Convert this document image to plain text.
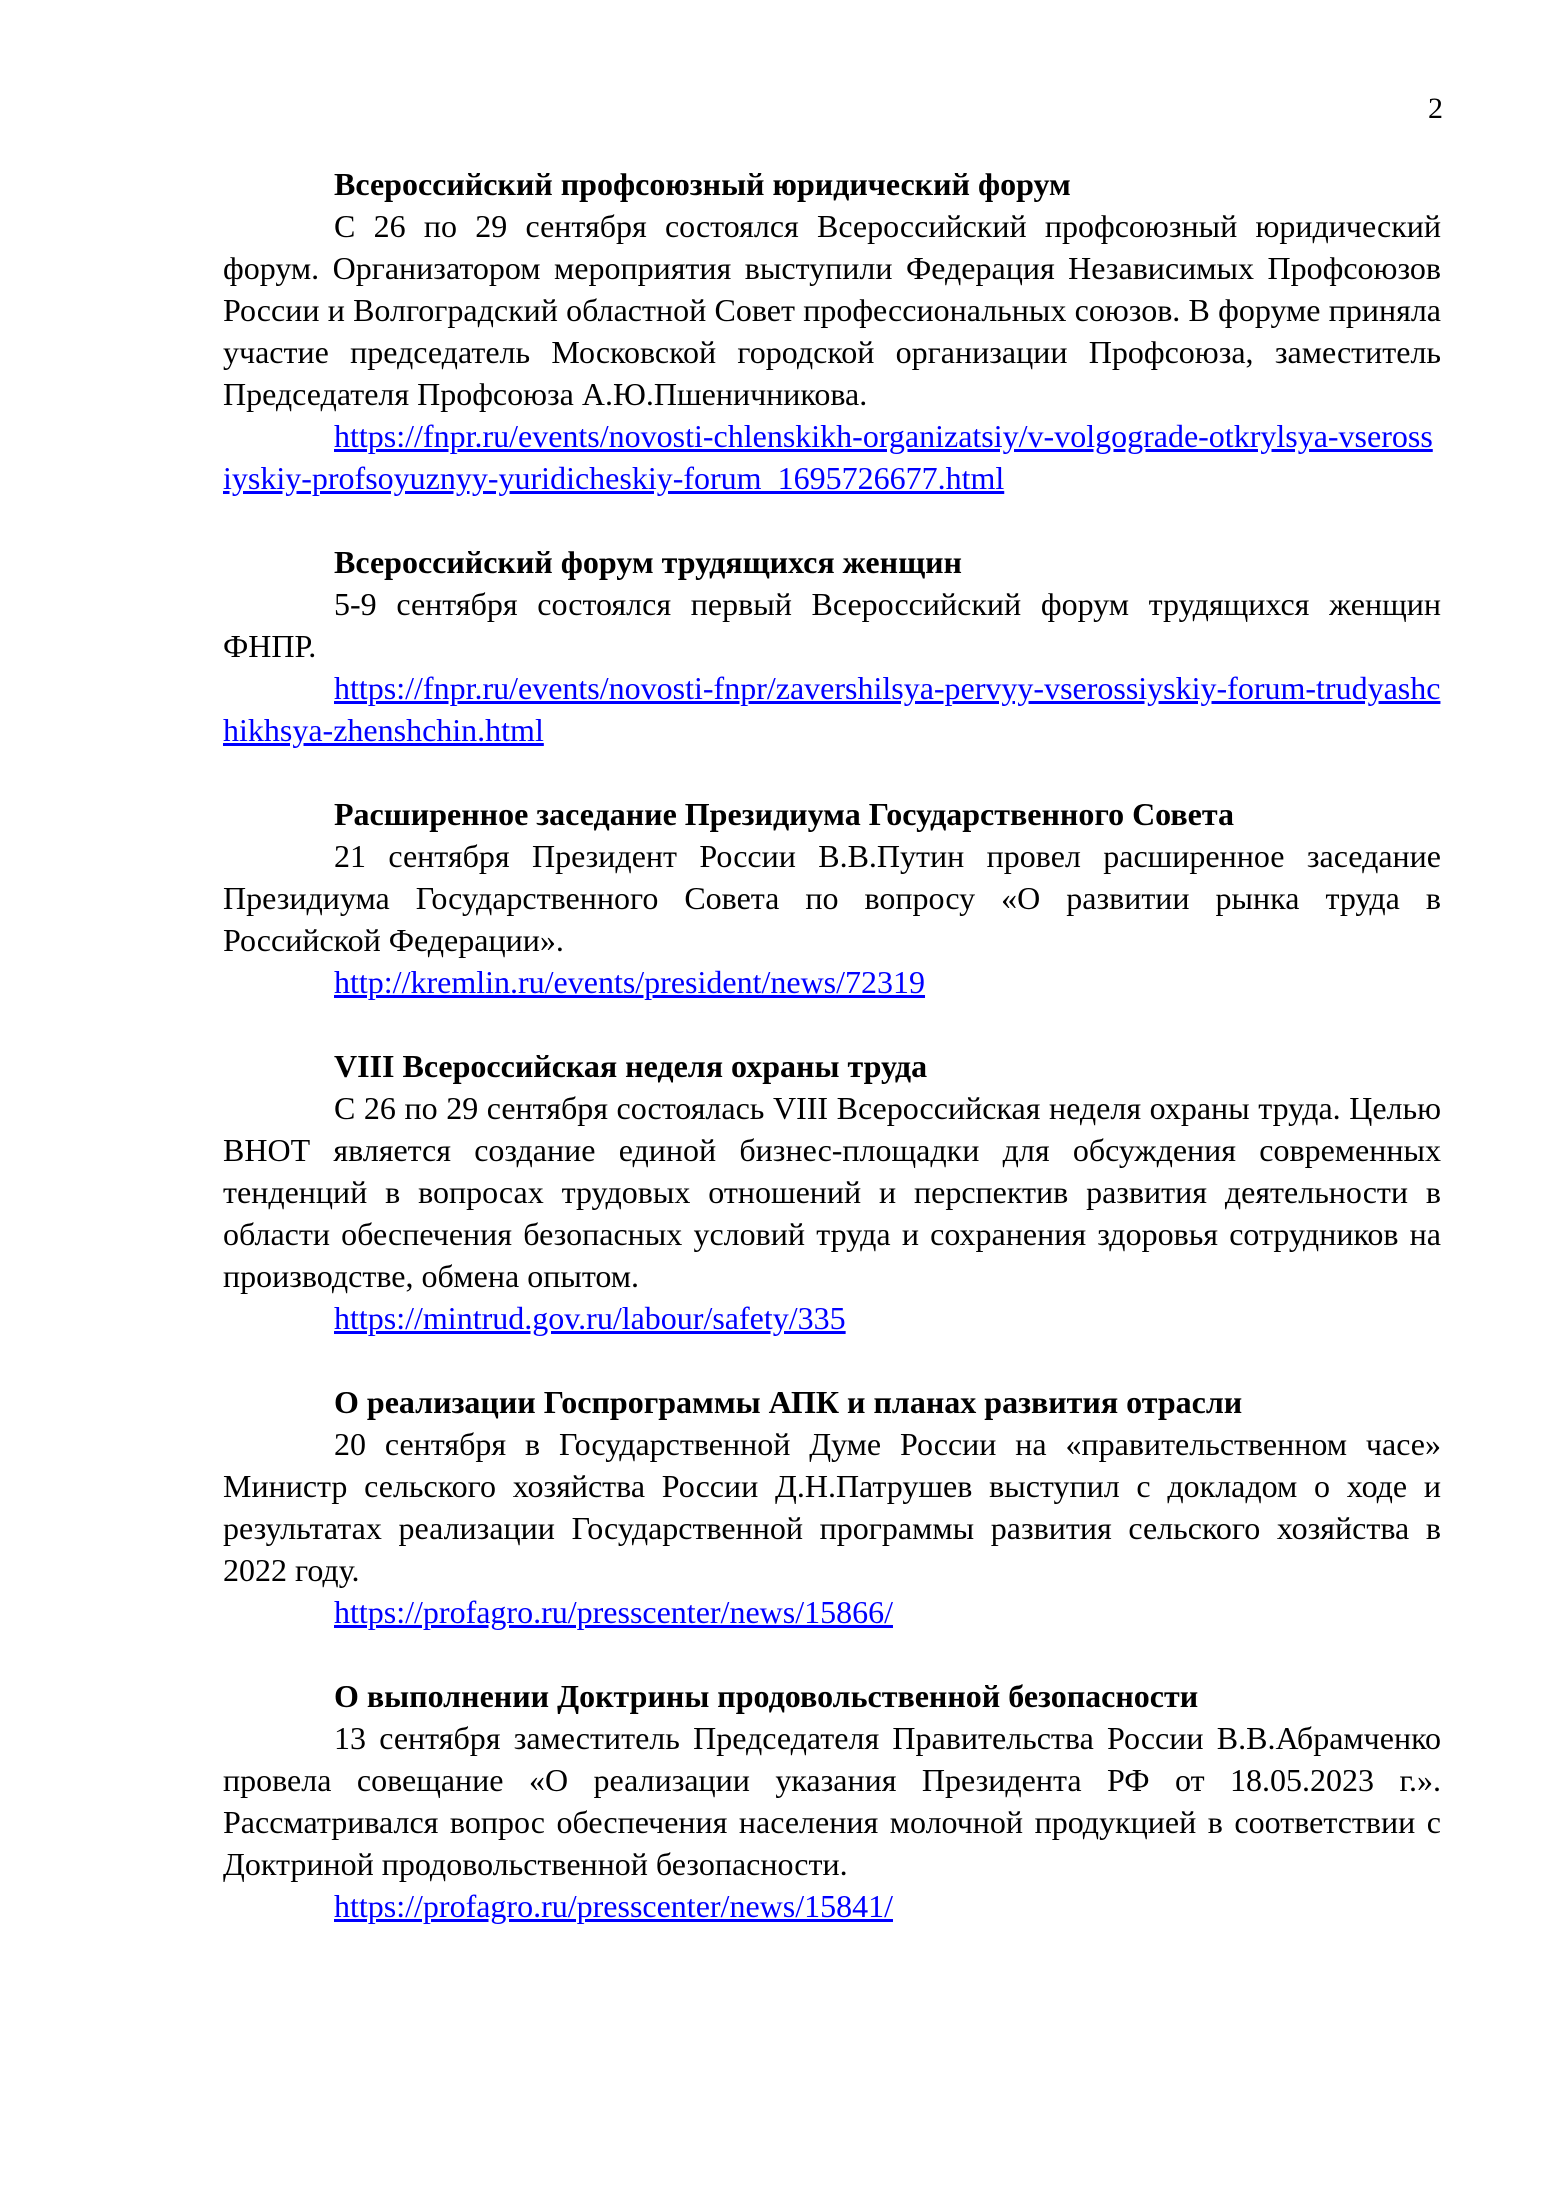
2

Всероссийский профсоюзный юридический форум

С 26 по 29 сентября состоялся Всероссийский профсоюзный юридический форум. Организатором мероприятия выступили Федерация Независимых Профсоюзов России и Волгоградский областной Совет профессиональных союзов. В форуме приняла участие председатель Московской городской организации Профсоюза, заместитель Председателя Профсоюза А.Ю.Пшеничникова.

https://fnpr.ru/events/novosti-chlenskikh-organizatsiy/v-volgograde-otkrylsya-vserossiyskiy-profsoyuznyy-yuridicheskiy-forum_1695726677.html

Всероссийский форум трудящихся женщин

5-9 сентября состоялся первый Всероссийский форум трудящихся женщин ФНПР.

https://fnpr.ru/events/novosti-fnpr/zavershilsya-pervyy-vserossiyskiy-forum-trudyashchikhsya-zhenshchin.html

Расширенное заседание Президиума Государственного Совета

21 сентября Президент России В.В.Путин провел расширенное заседание Президиума Государственного Совета по вопросу «О развитии рынка труда в Российской Федерации».

http://kremlin.ru/events/president/news/72319

VIII Всероссийская неделя охраны труда

С 26 по 29 сентября состоялась VIII Всероссийская неделя охраны труда. Целью ВНОТ является создание единой бизнес-площадки для обсуждения современных тенденций в вопросах трудовых отношений и перспектив развития деятельности в области обеспечения безопасных условий труда и сохранения здоровья сотрудников на производстве, обмена опытом.

https://mintrud.gov.ru/labour/safety/335

О реализации Госпрограммы АПК и планах развития отрасли

20 сентября в Государственной Думе России на «правительственном часе» Министр сельского хозяйства России Д.Н.Патрушев выступил с докладом о ходе и результатах реализации Государственной программы развития сельского хозяйства в 2022 году.

https://profagro.ru/presscenter/news/15866/

О выполнении Доктрины продовольственной безопасности

13 сентября заместитель Председателя Правительства России В.В.Абрамченко провела совещание «О реализации указания Президента РФ от 18.05.2023 г.». Рассматривался вопрос обеспечения населения молочной продукцией в соответствии с Доктриной продовольственной безопасности.

https://profagro.ru/presscenter/news/15841/
